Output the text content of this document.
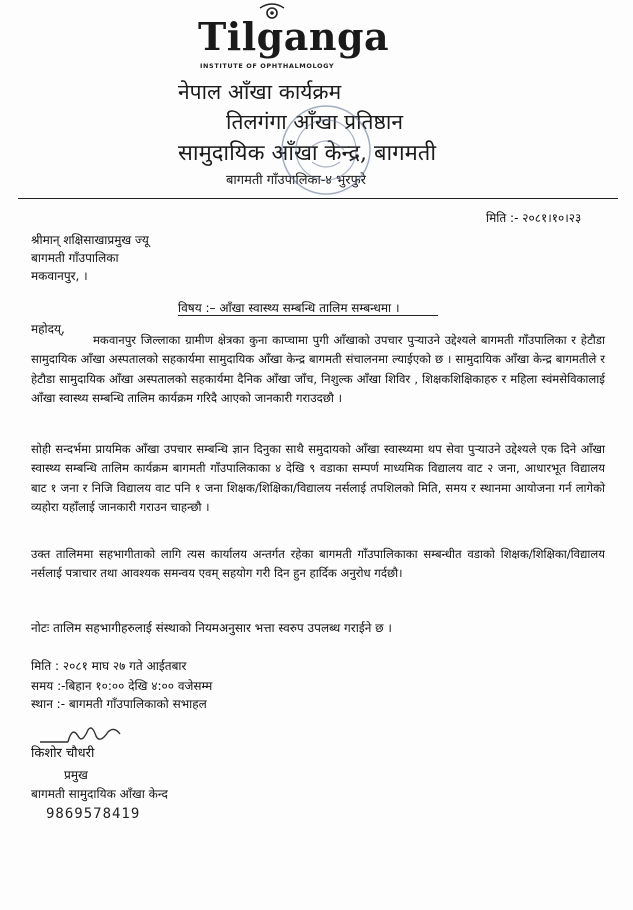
Tilganga
INSTITUTE OF OPHTHALMOLOGY
नेपाल आँखा कार्यक्रम
तिलगंगा आँखा प्रतिष्ठान
सामुदायिक आँखा केन्द्र, बागमती
बागमती गाँउपालिका-४ भुरफुरे
मिति :- २०८१।१०।२३
श्रीमान् शक्षिसाखाप्रमुख ज्यू
बागमती गाँउपालिका
मकवानपुर, ।
विषय :– आँखा स्वास्थ्य सम्बन्धि तालिम सम्बन्धमा ।
महोदय्,
मकवानपुर जिल्लाका ग्रामीण क्षेत्रका कुना काप्चामा पुगी आँखाको उपचार पुऱ्याउने उद्देश्यले बागमती गाँउपालिका र हेटौडा सामुदायिक आँखा अस्पतालको सहकार्यमा सामुदायिक आँखा केन्द्र बागमती संचालनमा ल्याईएको छ । सामुदायिक आँखा केन्द्र बागमतीले र हेटौडा सामुदायिक आँखा अस्पतालको सहकार्यमा दैनिक आँखा जाँच, निशुल्क आँखा शिविर , शिक्षकशिक्षिकाहरु र महिला स्वंमसेविकालाई आँखा स्वास्थ्य सम्बन्धि तालिम कार्यक्रम गरिदै आएको जानकारी गराउदछौ ।
सोही सन्दर्भमा प्रायमिक आँखा उपचार सम्बन्धि ज्ञान दिनुका साथै समुदायको आँखा स्वास्थ्यमा थप सेवा पुऱ्याउने उद्देश्यले एक दिने आँखा स्वास्थ्य सम्बन्धि तालिम कार्यक्रम बागमती गाँउपालिकाका ४ देखि ९ वडाका सम्पर्ण माध्यमिक विद्यालय वाट २ जना, आधारभूत विद्यालय बाट १ जना र निजि विद्यालय वाट पनि १ जना शिक्षक/शिक्षिका/विद्यालय नर्सलाई तपशिलको मिति, समय र स्थानमा आयोजना गर्न लागेको व्यहोरा यहाँलाई जानकारी गराउन चाहन्छौ ।
उक्त तालिममा सहभागीताको लागि त्यस कार्यालय अन्तर्गत रहेका बागमती गाँउपालिकाका सम्बन्धीत वडाको शिक्षक/शिक्षिका/विद्यालय नर्सलाई पत्राचार तथा आवश्यक समन्वय एवम् सहयोग गरी दिन हुन हार्दिक अनुरोध गर्दछौ।
नोटः तालिम सहभागीहरुलाई संस्थाको नियमअनुसार भत्ता स्वरुप उपलब्ध गराईने छ ।
मिति : २०८१ माघ २७ गते आईतबार
समय :-बिहान १०:०० देखि ४:०० वजेसम्म
स्थान :- बागमती गाँउपालिकाको सभाहल
किशोर चौधरी
प्रमुख
बागमती सामुदायिक आँखा केन्द
9869578419
